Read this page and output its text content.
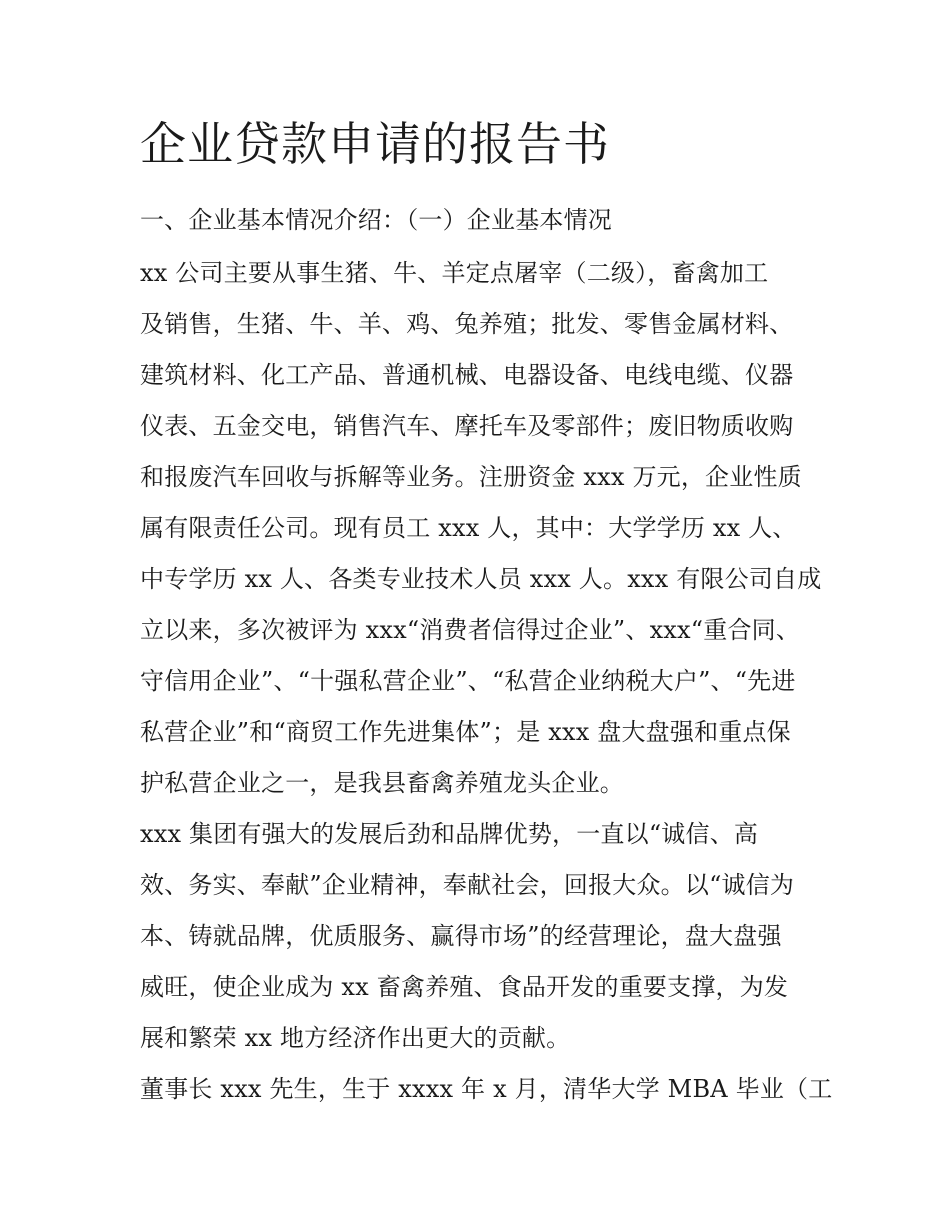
企业贷款申请的报告书
一、企业基本情况介绍：（一）企业基本情况
xx 公司主要从事生猪、牛、羊定点屠宰（二级），畜禽加工
及销售，生猪、牛、羊、鸡、兔养殖；批发、零售金属材料、
建筑材料、化工产品、普通机械、电器设备、电线电缆、仪器
仪表、五金交电，销售汽车、摩托车及零部件；废旧物质收购
和报废汽车回收与拆解等业务。注册资金 xxx 万元，企业性质
属有限责任公司。现有员工 xxx 人，其中：大学学历 xx 人、
中专学历 xx 人、各类专业技术人员 xxx 人。xxx 有限公司自成
立以来，多次被评为 xxx“消费者信得过企业”、xxx“重合同、
守信用企业”、“十强私营企业”、“私营企业纳税大户”、“先进
私营企业”和“商贸工作先进集体”；是 xxx 盘大盘强和重点保
护私营企业之一，是我县畜禽养殖龙头企业。
xxx 集团有强大的发展后劲和品牌优势，一直以“诚信、高
效、务实、奉献”企业精神，奉献社会，回报大众。以“诚信为
本、铸就品牌，优质服务、赢得市场”的经营理论，盘大盘强
威旺，使企业成为 xx 畜禽养殖、食品开发的重要支撑，为发
展和繁荣 xx 地方经济作出更大的贡献。
董事长 xxx 先生，生于 xxxx 年 x 月，清华大学 MBA 毕业（工
